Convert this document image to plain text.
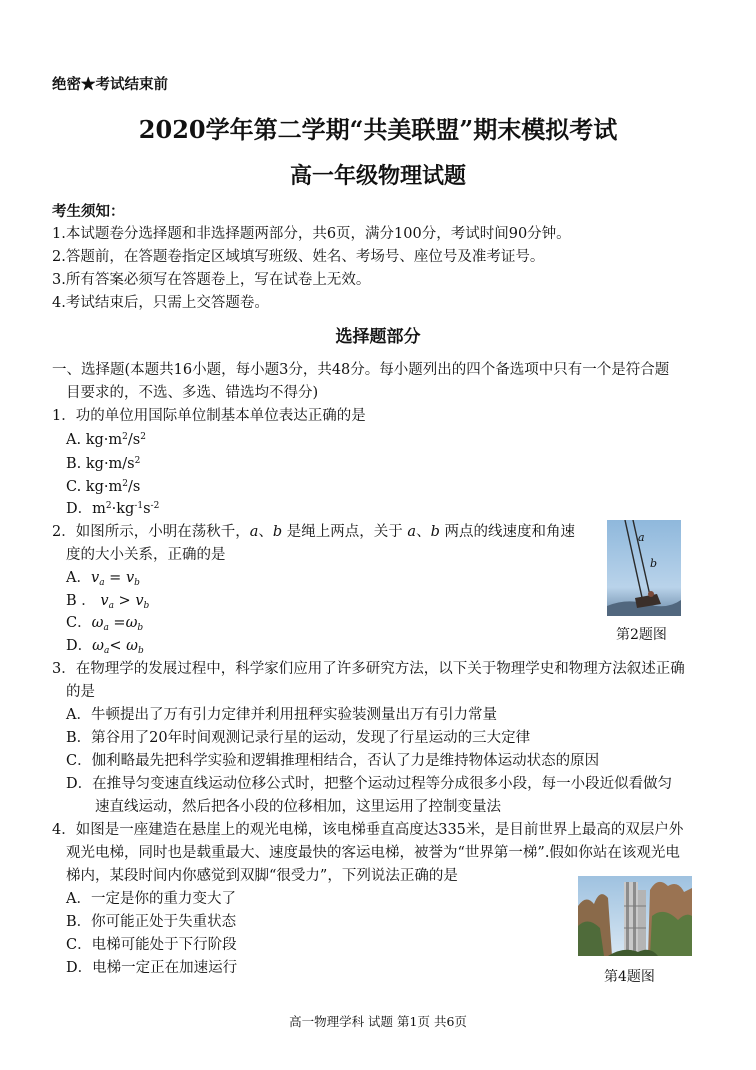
绝密★考试结束前
2020学年第二学期“共美联盟”期末模拟考试
高一年级物理试题
考生须知：
1.本试题卷分选择题和非选择题两部分，共6页，满分100分，考试时间90分钟。
2.答题前，在答题卷指定区域填写班级、姓名、考场号、座位号及准考证号。
3.所有答案必须写在答题卷上，写在试卷上无效。
4.考试结束后，只需上交答题卷。
选择题部分
一、选择题(本题共16小题，每小题3分，共48分。每小题列出的四个备选项中只有一个是符合题
目要求的，不选、多选、错选均不得分)
1．功的单位用国际单位制基本单位表达正确的是
A. $kg\cdot m^2/s^2$
B. $kg\cdot m/s^2$
C. $kg\cdot m^2/s$
D．$m^2\cdot kg^{-1}s^{-2}$
2．如图所示，小明在荡秋千，a、b 是绳上两点，关于 a、b 两点的线速度和角速
度的大小关系，正确的是
A．$v_a = v_b$
B ． $v_a > v_b$
C．$\omega_a =\omega_b$
D．$\omega_a< \omega_b$
a
b
第2题图
3．在物理学的发展过程中，科学家们应用了许多研究方法，以下关于物理学史和物理方法叙述正确
的是
A．牛顿提出了万有引力定律并利用扭秤实验装测量出万有引力常量
B．第谷用了20年时间观测记录行星的运动，发现了行星运动的三大定律
C．伽利略最先把科学实验和逻辑推理相结合，否认了力是维持物体运动状态的原因
D．在推导匀变速直线运动位移公式时，把整个运动过程等分成很多小段，每一小段近似看做匀
速直线运动，然后把各小段的位移相加，这里运用了控制变量法
4．如图是一座建造在悬崖上的观光电梯，该电梯垂直高度达335米，是目前世界上最高的双层户外
观光电梯，同时也是载重最大、速度最快的客运电梯，被誉为“世界第一梯”.假如你站在该观光电
梯内，某段时间内你感觉到双脚“很受力”，下列说法正确的是
A．一定是你的重力变大了
B．你可能正处于失重状态
C．电梯可能处于下行阶段
D．电梯一定正在加速运行
第4题图
高一物理学科 试题 第1页 共6页
